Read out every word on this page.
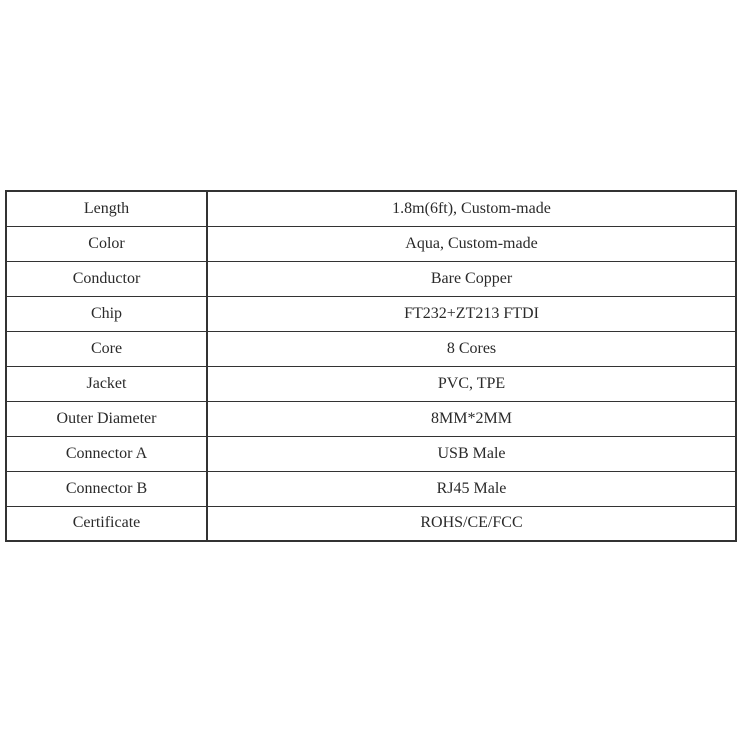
Length	1.8m(6ft), Custom-made
Color	Aqua, Custom-made
Conductor	Bare Copper
Chip	FT232+ZT213 FTDI
Core	8 Cores
Jacket	PVC, TPE
Outer Diameter	8MM*2MM
Connector A	USB Male
Connector B	RJ45 Male
Certificate	ROHS/CE/FCC
